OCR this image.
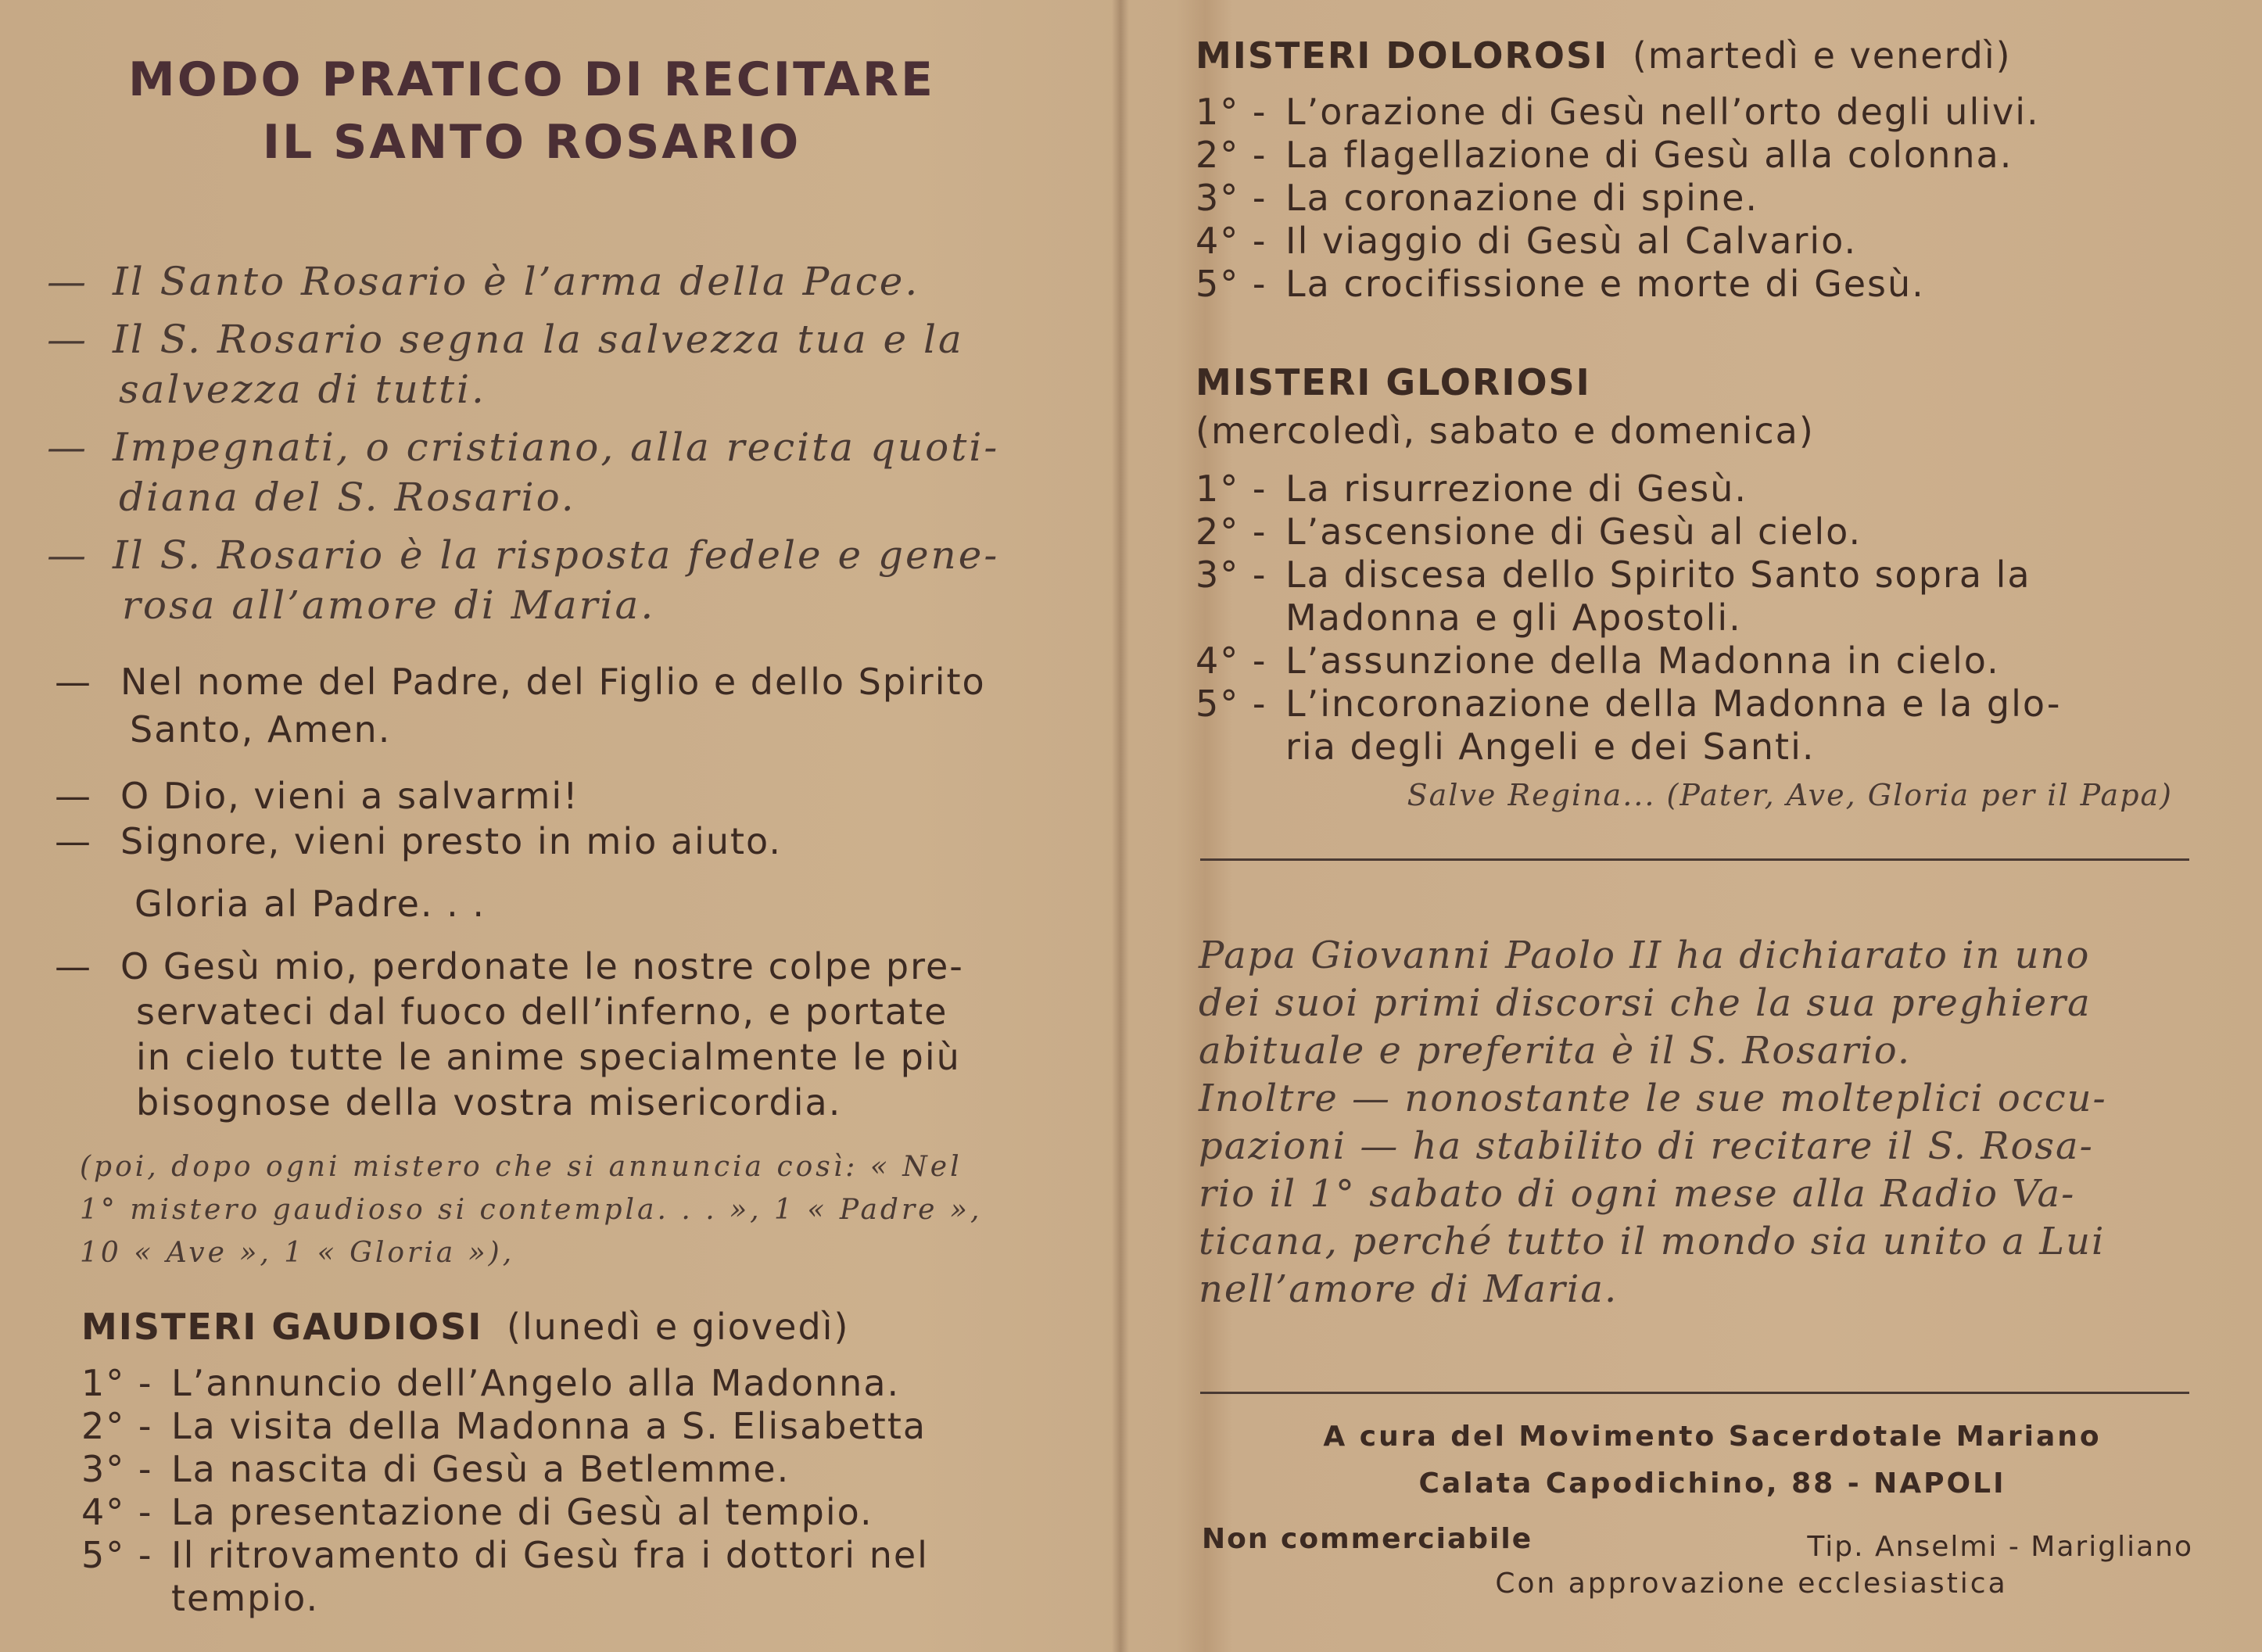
MODO PRATICO DI RECITARE
IL SANTO ROSARIO
— Il Santo Rosario è l’arma della Pace.
— Il S. Rosario segna la salvezza tua e la
salvezza di tutti.
— Impegnati, o cristiano, alla recita quoti-
diana del S. Rosario.
— Il S. Rosario è la risposta fedele e gene-
rosa all’amore di Maria.
— Nel nome del Padre, del Figlio e dello Spirito
Santo, Amen.
— O Dio, vieni a salvarmi!
— Signore, vieni presto in mio aiuto.
Gloria al Padre. . .
— O Gesù mio, perdonate le nostre colpe pre-
servateci dal fuoco dell’inferno, e portate
in cielo tutte le anime specialmente le più
bisognose della vostra misericordia.
(poi, dopo ogni mistero che si annuncia così: « Nel
1° mistero gaudioso si contempla. . . », 1 « Padre »,
10 « Ave », 1 « Gloria »),
MISTERI GAUDIOSI (lunedì e giovedì)
1° - L’annuncio dell’Angelo alla Madonna.
2° - La visita della Madonna a S. Elisabetta
3° - La nascita di Gesù a Betlemme.
4° - La presentazione di Gesù al tempio.
5° - Il ritrovamento di Gesù fra i dottori nel
tempio.
MISTERI DOLOROSI (martedì e venerdì)
1° - L’orazione di Gesù nell’orto degli ulivi.
2° - La flagellazione di Gesù alla colonna.
3° - La coronazione di spine.
4° - Il viaggio di Gesù al Calvario.
5° - La crocifissione e morte di Gesù.
MISTERI GLORIOSI
(mercoledì, sabato e domenica)
1° - La risurrezione di Gesù.
2° - L’ascensione di Gesù al cielo.
3° - La discesa dello Spirito Santo sopra la
Madonna e gli Apostoli.
4° - L’assunzione della Madonna in cielo.
5° - L’incoronazione della Madonna e la glo-
ria degli Angeli e dei Santi.
Salve Regina... (Pater, Ave, Gloria per il Papa)
Papa Giovanni Paolo II ha dichiarato in uno
dei suoi primi discorsi che la sua preghiera
abituale e preferita è il S. Rosario.
Inoltre — nonostante le sue molteplici occu-
pazioni — ha stabilito di recitare il S. Rosa-
rio il 1° sabato di ogni mese alla Radio Va-
ticana, perché tutto il mondo sia unito a Lui
nell’amore di Maria.
A cura del Movimento Sacerdotale Mariano
Calata Capodichino, 88 - NAPOLI
Non commerciabile	Tip. Anselmi - Marigliano
Con approvazione ecclesiastica
